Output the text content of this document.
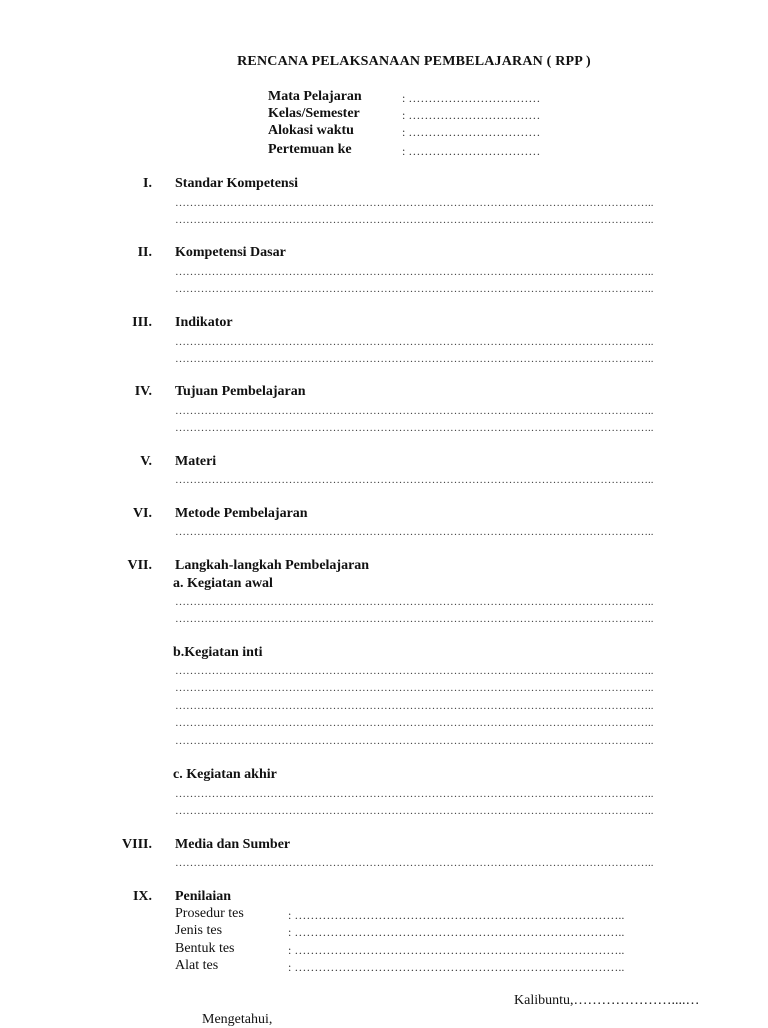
RENCANA PELAKSANAAN PEMBELAJARAN ( RPP )
Mata Pelajaran	: ……………………………
Kelas/Semester	: ……………………………
Alokasi waktu	: ……………………………
Pertemuan ke	: ……………………………
I. Standar Kompetensi
…………………………………………………………………………………………………………………..
…………………………………………………………………………………………………………………..
II. Kompetensi Dasar
…………………………………………………………………………………………………………………..
…………………………………………………………………………………………………………………..
III. Indikator
…………………………………………………………………………………………………………………..
…………………………………………………………………………………………………………………..
IV. Tujuan Pembelajaran
…………………………………………………………………………………………………………………..
…………………………………………………………………………………………………………………..
V. Materi
…………………………………………………………………………………………………………………..
VI. Metode Pembelajaran
…………………………………………………………………………………………………………………..
VII. Langkah-langkah Pembelajaran
a. Kegiatan awal
…………………………………………………………………………………………………………………..
…………………………………………………………………………………………………………………..
b.Kegiatan inti
…………………………………………………………………………………………………………………..
…………………………………………………………………………………………………………………..
…………………………………………………………………………………………………………………..
…………………………………………………………………………………………………………………..
…………………………………………………………………………………………………………………..
c. Kegiatan akhir
…………………………………………………………………………………………………………………..
…………………………………………………………………………………………………………………..
VIII. Media dan Sumber
…………………………………………………………………………………………………………………..
IX. Penilaian
Prosedur tes	: ………………………………………………………………………..
Jenis tes	: ………………………………………………………………………..
Bentuk tes	: ………………………………………………………………………..
Alat tes	: ………………………………………………………………………..
Kalibuntu,…………………....…
Mengetahui,
